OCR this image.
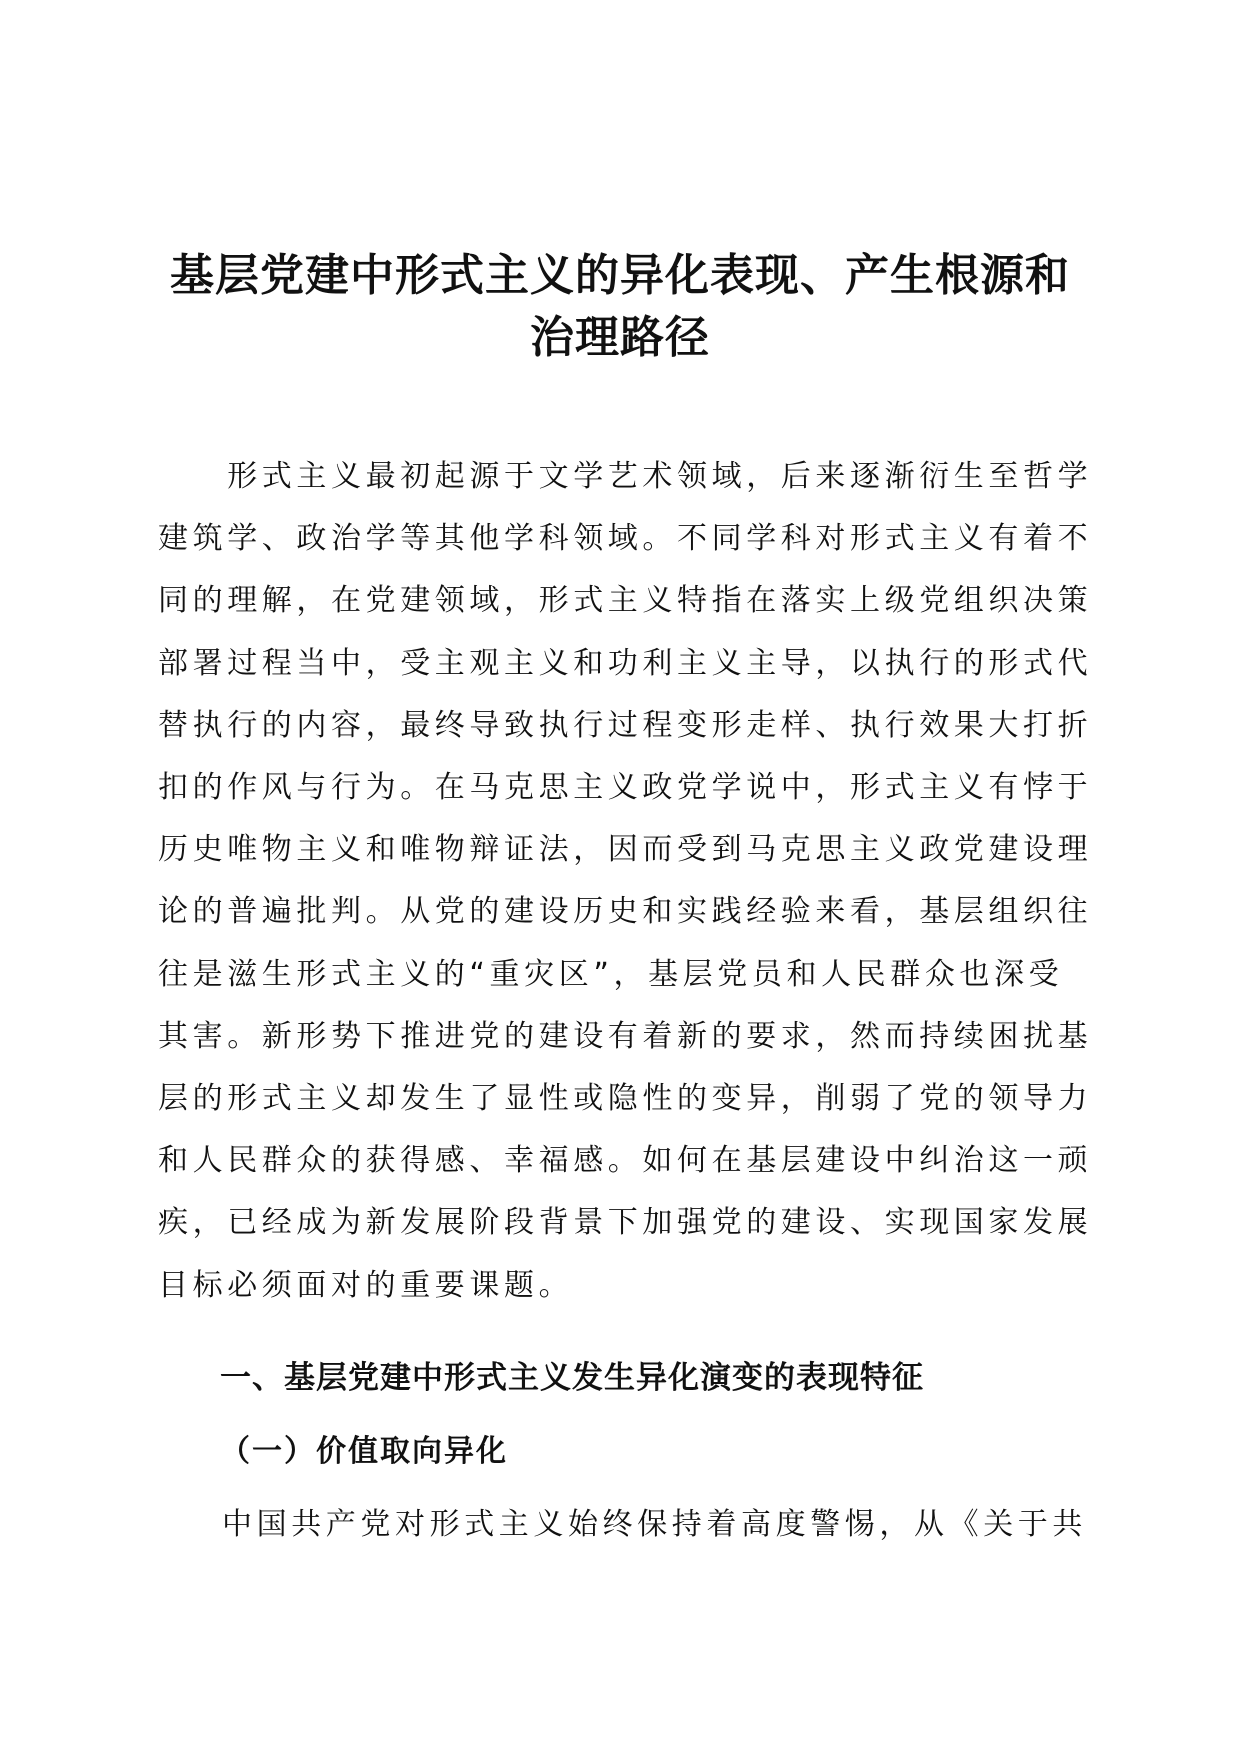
基层党建中形式主义的异化表现、产生根源和
治理路径

　　形式主义最初起源于文学艺术领域，后来逐渐衍生至哲学
建筑学、政治学等其他学科领域。不同学科对形式主义有着不
同的理解，在党建领域，形式主义特指在落实上级党组织决策
部署过程当中，受主观主义和功利主义主导，以执行的形式代
替执行的内容，最终导致执行过程变形走样、执行效果大打折
扣的作风与行为。在马克思主义政党学说中，形式主义有悖于
历史唯物主义和唯物辩证法，因而受到马克思主义政党建设理
论的普遍批判。从党的建设历史和实践经验来看，基层组织往
往是滋生形式主义的“重灾区”，基层党员和人民群众也深受
其害。新形势下推进党的建设有着新的要求，然而持续困扰基
层的形式主义却发生了显性或隐性的变异，削弱了党的领导力
和人民群众的获得感、幸福感。如何在基层建设中纠治这一顽
疾，已经成为新发展阶段背景下加强党的建设、实现国家发展
目标必须面对的重要课题。

一、基层党建中形式主义发生异化演变的表现特征
（一）价值取向异化

中国共产党对形式主义始终保持着高度警惕，从《关于共
